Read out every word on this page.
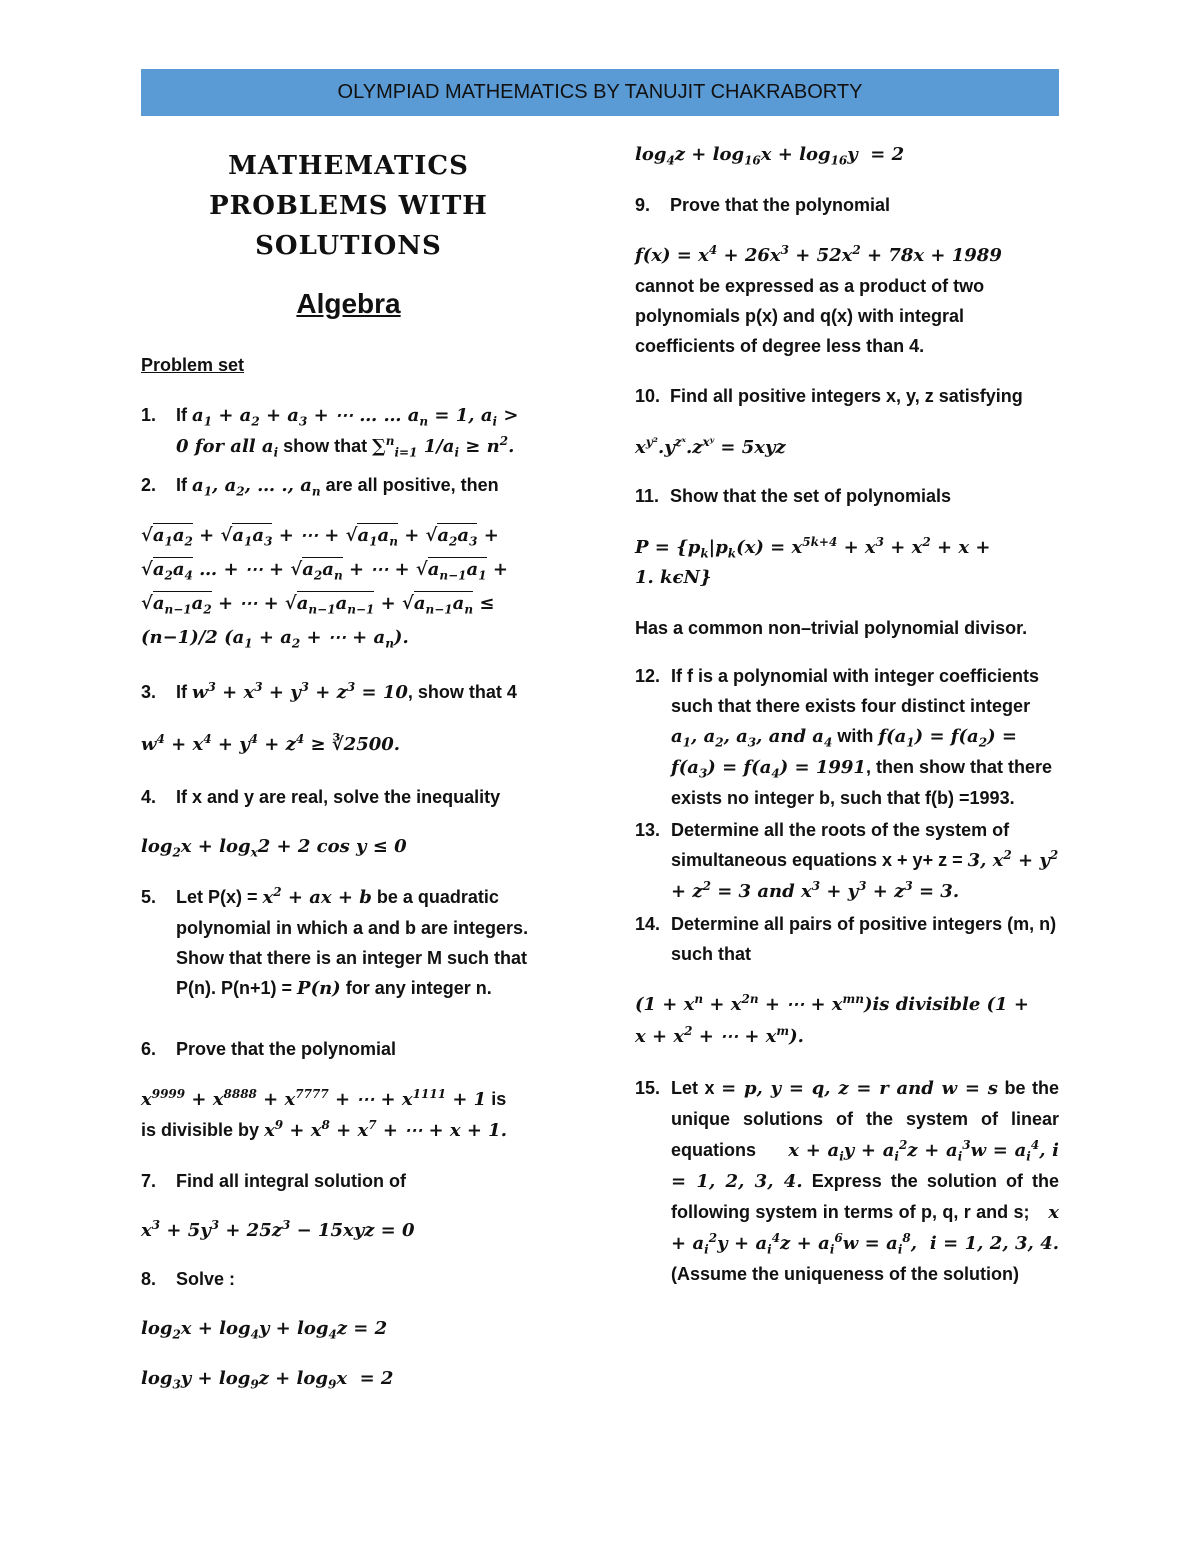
OLYMPIAD MATHEMATICS BY TANUJIT CHAKRABORTY
MATHEMATICS
PROBLEMS WITH
SOLUTIONS
Algebra
Problem set
1.	If $a_1 + a_2 + a_3$ + ⋯ … … $a_n = 1$, $a_i$ >
0 for all $a_i$ show that ∑$^n_{i=1}$ $1/a_i \ge n^2$.
2.	If $a_1$, $a_2$, … ., $a_n$ are all positive, then
$√a_1a_2 + √a_1a_3$ + ⋯ + $√a_1a_n + √a_2a_3$ +
$√a_2a_4$ … + ⋯ + $√a_2a_n$ + ⋯ + $√a_{n-1}a_1$ +
$√a_{n-1}a_2$ + ⋯ + $√a_{n-1}a_{n-1} + √a_{n-1}a_n$ ≤
(n−1)/2 ($a_1 + a_2$ + ⋯ + $a_n$).
3.	If $w^3 + x^3 + y^3 + z^3 = 10$, show that 4
$w^4 + x^4 + y^4 + z^4$ ≥ ∛2500.
4.	If x and y are real, solve the inequality
$\log_2x + \log_x2 + 2$ cos y ≤ 0
5.	Let $P(x) = x^2$ + ax + b be a quadratic polynomial in which a and b are integers. Show that there is an integer M such that P(n). P(n+1) = P(n) for any integer n.
6.	Prove that the polynomial
$x^{9999} + x^{8888} + x^{7777}$ + ⋯ + $x^{1111} + 1$ is
is divisible by $x^9 + x^8 + x^7$ + ⋯ + x + 1.
7.	Find all integral solution of
$x^3 + 5y^3 + 25z^3 - 15xyz = 0$
8.	Solve :
$\log_2x + \log_4y + \log_4z = 2$
$\log_3y + \log_9z + \log_9x = 2$
$\log_4z + \log_{16}x + \log_{16}y = 2$
9.	Prove that the polynomial
$f(x) = x^4 + 26x^3 + 52x^2 + 78x + 1989$
cannot be expressed as a product of two polynomials p(x) and q(x) with integral coefficients of degree less than 4.
10. Find all positive integers x, y, z satisfying
$x^{y^2}.y^{zˣ}.z^{xʸ} = 5xyz$
11. Show that the set of polynomials
$P = \{p_k|p_k(x) = x^{5k+4} + x^3 + x^2 + x$ +
1. kϵN}
Has a common non–trivial polynomial divisor.
12. If f is a polynomial with integer coefficients such that there exists four distinct integer $a_1$, $a_2$, $a_3$, and $a_4$ with $f(a_1) = f(a_2) = f(a_3) = f(a_4) = 1991$, then show that there exists no integer b, such that f(b) =1993.
13. Determine all the roots of the system of simultaneous equations x + y+ z = 3, $x^2 + y^2 + z^2 = 3$ and $x^3 + y^3 + z^3 = 3$.
14. Determine all pairs of positive integers (m, n) such that
($1 + x^n + x^{2n}$ + ⋯ + $x^{mn})is$ divisible (1 +
$x + x^2$ + ⋯ + $x^m$).
15. Let x = p, y = q, z = r and w = s be the unique solutions of the system of linear equations     $x + a_iy + a_i^2z + a_i^3w = a_i^4$, i = 1, 2, 3, 4. Express the solution of the following system in terms of p, q, r and s;   $x + a_i^2y + a_i^4z + a_i^6w = a_i^8$,  i = 1, 2, 3, 4. (Assume the uniqueness of the solution)
